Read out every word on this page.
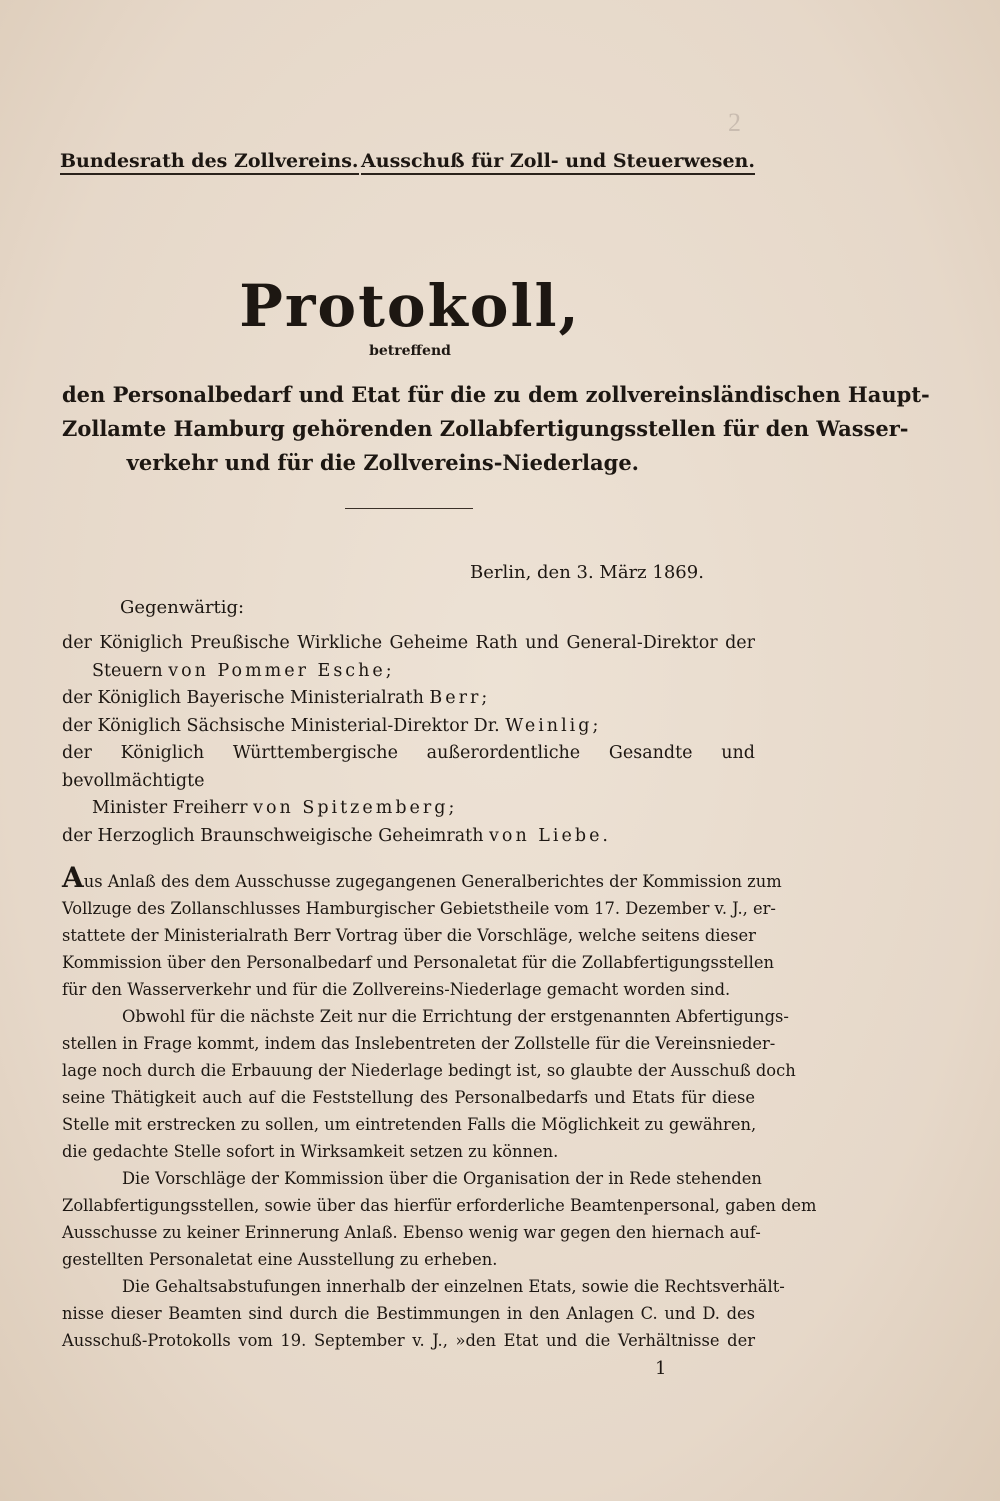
2
Bundesrath des Zollvereins. Ausschuß für Zoll- und Steuerwesen.
Protokoll,
betreffend
den Personalbedarf und Etat für die zu dem zollvereinsländischen Haupt-
Zollamte Hamburg gehörenden Zollabfertigungsstellen für den Wasser-
verkehr und für die Zollvereins-Niederlage.
Berlin, den 3. März 1869.
Gegenwärtig:
der Königlich Preußische Wirkliche Geheime Rath und General-Direktor der
Steuern von Pommer Esche;
der Königlich Bayerische Ministerialrath Berr;
der Königlich Sächsische Ministerial-Direktor Dr. Weinlig;
der Königlich Württembergische außerordentliche Gesandte und bevollmächtigte
Minister Freiherr von Spitzemberg;
der Herzoglich Braunschweigische Geheimrath von Liebe.
Aus Anlaß des dem Ausschusse zugegangenen Generalberichtes der Kommission zum
Vollzuge des Zollanschlusses Hamburgischer Gebietstheile vom 17. Dezember v. J., er-
stattete der Ministerialrath Berr Vortrag über die Vorschläge, welche seitens dieser
Kommission über den Personalbedarf und Personaletat für die Zollabfertigungsstellen
für den Wasserverkehr und für die Zollvereins-Niederlage gemacht worden sind.
Obwohl für die nächste Zeit nur die Errichtung der erstgenannten Abfertigungs-
stellen in Frage kommt, indem das Inslebentreten der Zollstelle für die Vereinsnieder-
lage noch durch die Erbauung der Niederlage bedingt ist, so glaubte der Ausschuß doch
seine Thätigkeit auch auf die Feststellung des Personalbedarfs und Etats für diese
Stelle mit erstrecken zu sollen, um eintretenden Falls die Möglichkeit zu gewähren,
die gedachte Stelle sofort in Wirksamkeit setzen zu können.
Die Vorschläge der Kommission über die Organisation der in Rede stehenden
Zollabfertigungsstellen, sowie über das hierfür erforderliche Beamtenpersonal, gaben dem
Ausschusse zu keiner Erinnerung Anlaß. Ebenso wenig war gegen den hiernach auf-
gestellten Personaletat eine Ausstellung zu erheben.
Die Gehaltsabstufungen innerhalb der einzelnen Etats, sowie die Rechtsverhält-
nisse dieser Beamten sind durch die Bestimmungen in den Anlagen C. und D. des
Ausschuß-Protokolls vom 19. September v. J., »den Etat und die Verhältnisse der
1
